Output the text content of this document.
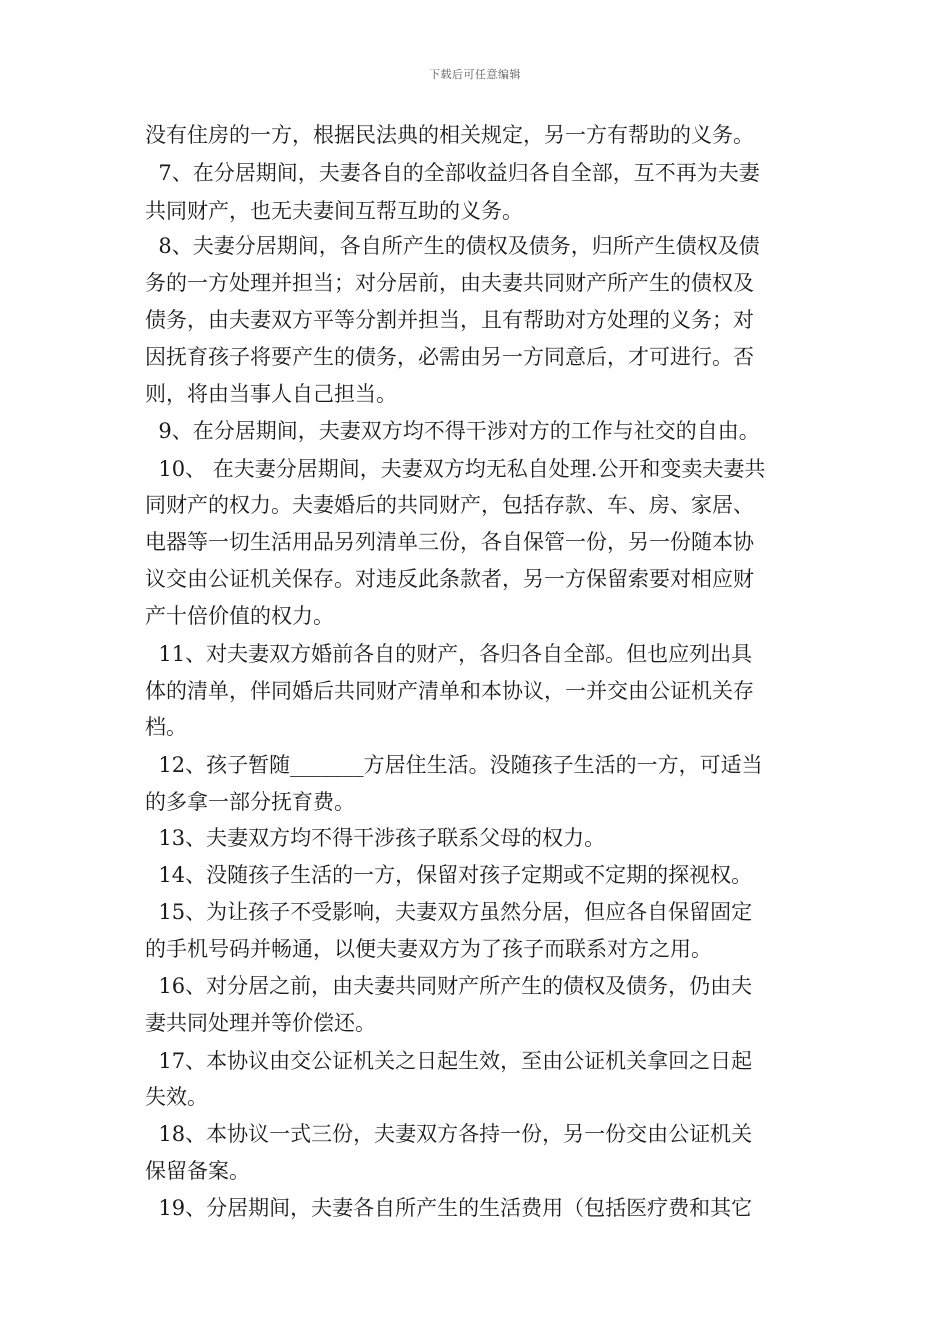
下载后可任意编辑
没有住房的一方，根据民法典的相关规定，另一方有帮助的义务。
7、在分居期间，夫妻各自的全部收益归各自全部，互不再为夫妻
共同财产，也无夫妻间互帮互助的义务。
8、夫妻分居期间，各自所产生的债权及债务，归所产生债权及债
务的一方处理并担当；对分居前，由夫妻共同财产所产生的债权及
债务，由夫妻双方平等分割并担当，且有帮助对方处理的义务；对
因抚育孩子将要产生的债务，必需由另一方同意后，才可进行。否
则，将由当事人自己担当。
9、在分居期间，夫妻双方均不得干涉对方的工作与社交的自由。
10、 在夫妻分居期间，夫妻双方均无私自处理.公开和变卖夫妻共
同财产的权力。夫妻婚后的共同财产，包括存款、车、房、家居、
电器等一切生活用品另列清单三份，各自保管一份，另一份随本协
议交由公证机关保存。对违反此条款者，另一方保留索要对相应财
产十倍价值的权力。
11、对夫妻双方婚前各自的财产，各归各自全部。但也应列出具
体的清单，伴同婚后共同财产清单和本协议，一并交由公证机关存
档。
12、孩子暂随_______方居住生活。没随孩子生活的一方，可适当
的多拿一部分抚育费。
13、夫妻双方均不得干涉孩子联系父母的权力。
14、没随孩子生活的一方，保留对孩子定期或不定期的探视权。
15、为让孩子不受影响，夫妻双方虽然分居，但应各自保留固定
的手机号码并畅通，以便夫妻双方为了孩子而联系对方之用。
16、对分居之前，由夫妻共同财产所产生的债权及债务，仍由夫
妻共同处理并等价偿还。
17、本协议由交公证机关之日起生效，至由公证机关拿回之日起
失效。
18、本协议一式三份，夫妻双方各持一份，另一份交由公证机关
保留备案。
19、分居期间，夫妻各自所产生的生活费用（包括医疗费和其它
